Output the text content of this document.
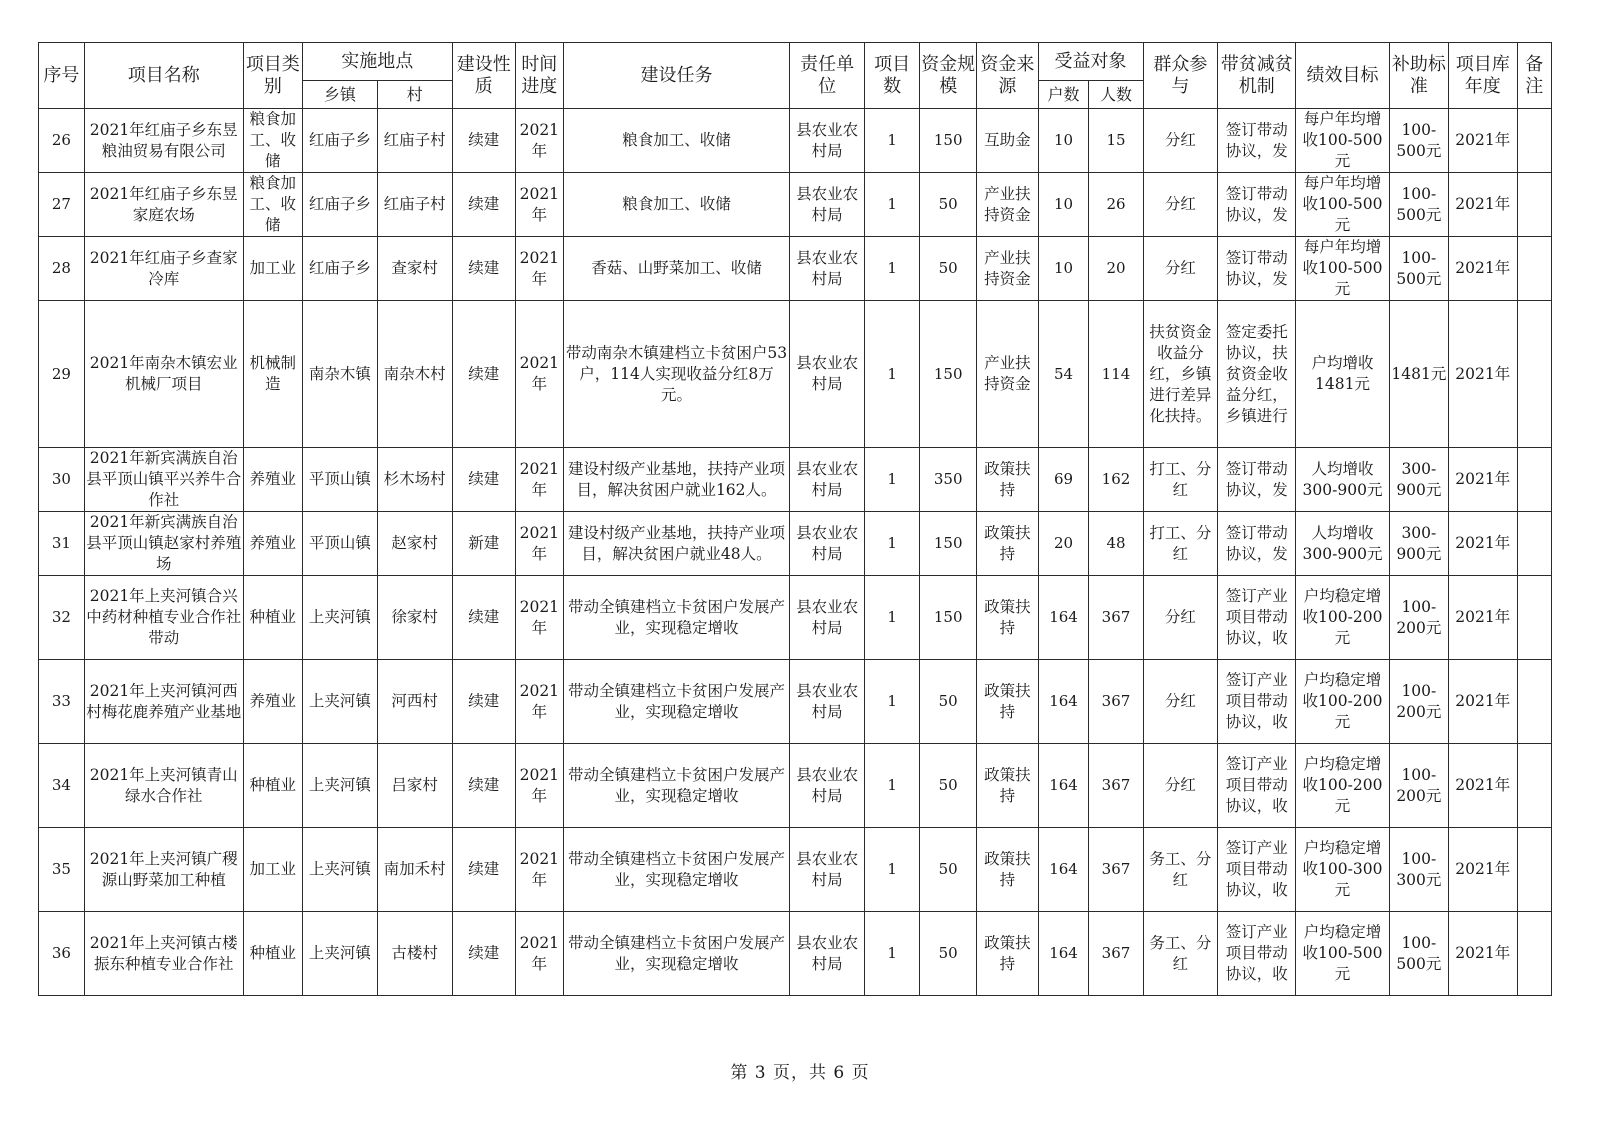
序号	项目名称	项目类别	实施地点		建设性质	时间进度	建设任务	责任单位	项目数	资金规模	资金来源	受益对象		群众参与	带贫减贫机制	绩效目标	补助标准	项目库年度	备注
			乡镇	村								户数	人数						

26	2021年红庙子乡东昱粮油贸易有限公司	粮食加工、收储	红庙子乡	红庙子村	续建	2021年	粮食加工、收储	县农业农村局	1	150	互助金	10	15	分红	签订带动协议，发	每户年均增收100-500元	100-500元	2021年	

27	2021年红庙子乡东昱家庭农场	粮食加工、收储	红庙子乡	红庙子村	续建	2021年	粮食加工、收储	县农业农村局	1	50	产业扶持资金	10	26	分红	签订带动协议，发	每户年均增收100-500元	100-500元	2021年	

28	2021年红庙子乡查家冷库	加工业	红庙子乡	查家村	续建	2021年	香菇、山野菜加工、收储	县农业农村局	1	50	产业扶持资金	10	20	分红	签订带动协议，发	每户年均增收100-500元	100-500元	2021年	

29	2021年南杂木镇宏业机械厂项目	机械制造	南杂木镇	南杂木村	续建	2021年	带动南杂木镇建档立卡贫困户53户，114人实现收益分红8万元。	县农业农村局	1	150	产业扶持资金	54	114	扶贫资金收益分红，乡镇进行差异化扶持。	签定委托协议，扶贫资金收益分红，乡镇进行	户均增收1481元	1481元	2021年	

30	2021年新宾满族自治县平顶山镇平兴养牛合作社	养殖业	平顶山镇	杉木场村	续建	2021年	建设村级产业基地，扶持产业项目，解决贫困户就业162人。	县农业农村局	1	350	政策扶持	69	162	打工、分红	签订带动协议，发	人均增收300-900元	300-900元	2021年	

31	2021年新宾满族自治县平顶山镇赵家村养殖场	养殖业	平顶山镇	赵家村	新建	2021年	建设村级产业基地，扶持产业项目，解决贫困户就业48人。	县农业农村局	1	150	政策扶持	20	48	打工、分红	签订带动协议，发	人均增收300-900元	300-900元	2021年	

32	2021年上夹河镇合兴中药材种植专业合作社带动	种植业	上夹河镇	徐家村	续建	2021年	带动全镇建档立卡贫困户发展产业，实现稳定增收	县农业农村局	1	150	政策扶持	164	367	分红	签订产业项目带动协议，收	户均稳定增收100-200元	100-200元	2021年	

33	2021年上夹河镇河西村梅花鹿养殖产业基地	养殖业	上夹河镇	河西村	续建	2021年	带动全镇建档立卡贫困户发展产业，实现稳定增收	县农业农村局	1	50	政策扶持	164	367	分红	签订产业项目带动协议，收	户均稳定增收100-200元	100-200元	2021年	

34	2021年上夹河镇青山绿水合作社	种植业	上夹河镇	吕家村	续建	2021年	带动全镇建档立卡贫困户发展产业，实现稳定增收	县农业农村局	1	50	政策扶持	164	367	分红	签订产业项目带动协议，收	户均稳定增收100-200元	100-200元	2021年	

35	2021年上夹河镇广稷源山野菜加工种植	加工业	上夹河镇	南加禾村	续建	2021年	带动全镇建档立卡贫困户发展产业，实现稳定增收	县农业农村局	1	50	政策扶持	164	367	务工、分红	签订产业项目带动协议，收	户均稳定增收100-300元	100-300元	2021年	

36	2021年上夹河镇古楼振东种植专业合作社	种植业	上夹河镇	古楼村	续建	2021年	带动全镇建档立卡贫困户发展产业，实现稳定增收	县农业农村局	1	50	政策扶持	164	367	务工、分红	签订产业项目带动协议，收	户均稳定增收100-500元	100-500元	2021年	

第 3 页，共 6 页
